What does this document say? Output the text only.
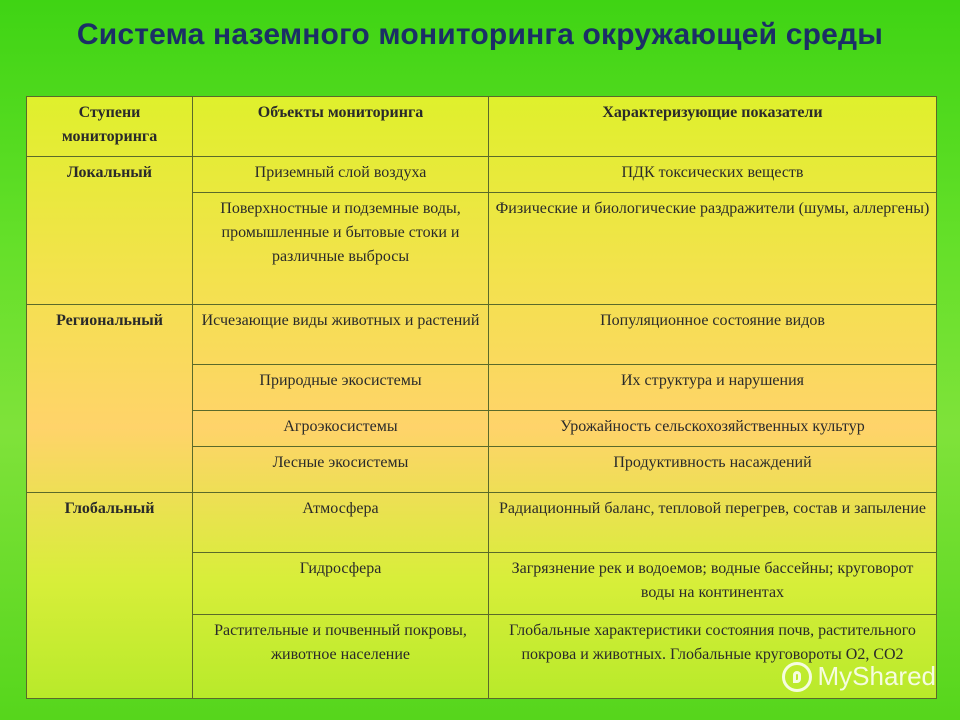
Система наземного мониторинга окружающей среды
Ступени мониторинга	Объекты мониторинга	Характеризующие показатели
Локальный	Приземный слой воздуха	ПДК токсических веществ
	Поверхностные и подземные воды, промышленные и бытовые стоки и различные выбросы	Физические и биологические раздражители (шумы, аллергены)
Региональный	Исчезающие виды животных и растений	Популяционное состояние видов
	Природные экосистемы	Их структура и нарушения
	Агроэкосистемы	Урожайность сельскохозяйственных культур
	Лесные экосистемы	Продуктивность насаждений
Глобальный	Атмосфера	Радиационный баланс, тепловой перегрев, состав и запыление
	Гидросфера	Загрязнение рек и водоемов; водные бассейны; круговорот воды на континентах
	Растительные и почвенный покровы, животное население	Глобальные характеристики состояния почв, растительного покрова и животных. Глобальные круговороты О2, СО2
MyShared
